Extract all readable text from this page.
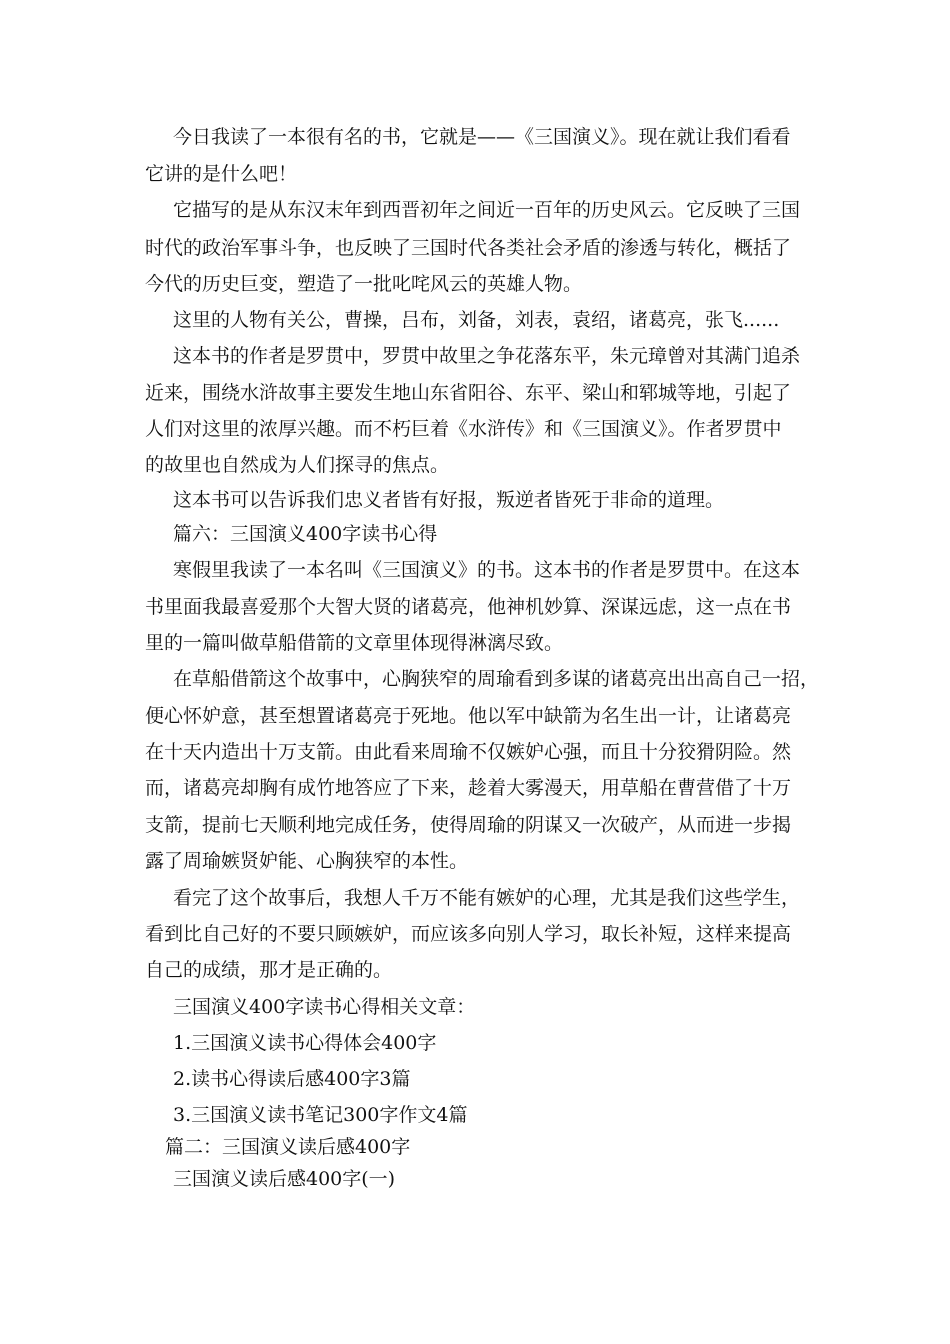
今日我读了一本很有名的书，它就是——《三国演义》。现在就让我们看看
它讲的是什么吧！
它描写的是从东汉末年到西晋初年之间近一百年的历史风云。它反映了三国
时代的政治军事斗争，也反映了三国时代各类社会矛盾的渗透与转化，概括了
今代的历史巨变，塑造了一批叱咤风云的英雄人物。
这里的人物有关公，曹操，吕布，刘备，刘表，袁绍，诸葛亮，张飞......
这本书的作者是罗贯中，罗贯中故里之争花落东平，朱元璋曾对其满门追杀
近来，围绕水浒故事主要发生地山东省阳谷、东平、梁山和郓城等地，引起了
人们对这里的浓厚兴趣。而不朽巨着《水浒传》和《三国演义》。作者罗贯中
的故里也自然成为人们探寻的焦点。
这本书可以告诉我们忠义者皆有好报，叛逆者皆死于非命的道理。
篇六：三国演义400字读书心得
寒假里我读了一本名叫《三国演义》的书。这本书的作者是罗贯中。在这本
书里面我最喜爱那个大智大贤的诸葛亮，他神机妙算、深谋远虑，这一点在书
里的一篇叫做草船借箭的文章里体现得淋漓尽致。
在草船借箭这个故事中，心胸狭窄的周瑜看到多谋的诸葛亮出出高自己一招，
便心怀妒意，甚至想置诸葛亮于死地。他以军中缺箭为名生出一计，让诸葛亮
在十天内造出十万支箭。由此看来周瑜不仅嫉妒心强，而且十分狡猾阴险。然
而，诸葛亮却胸有成竹地答应了下来，趁着大雾漫天，用草船在曹营借了十万
支箭，提前七天顺利地完成任务，使得周瑜的阴谋又一次破产，从而进一步揭
露了周瑜嫉贤妒能、心胸狭窄的本性。
看完了这个故事后，我想人千万不能有嫉妒的心理，尤其是我们这些学生，
看到比自己好的不要只顾嫉妒，而应该多向别人学习，取长补短，这样来提高
自己的成绩，那才是正确的。
三国演义400字读书心得相关文章：
1.三国演义读书心得体会400字
2.读书心得读后感400字3篇
3.三国演义读书笔记300字作文4篇
篇二：三国演义读后感400字
三国演义读后感400字(一)
